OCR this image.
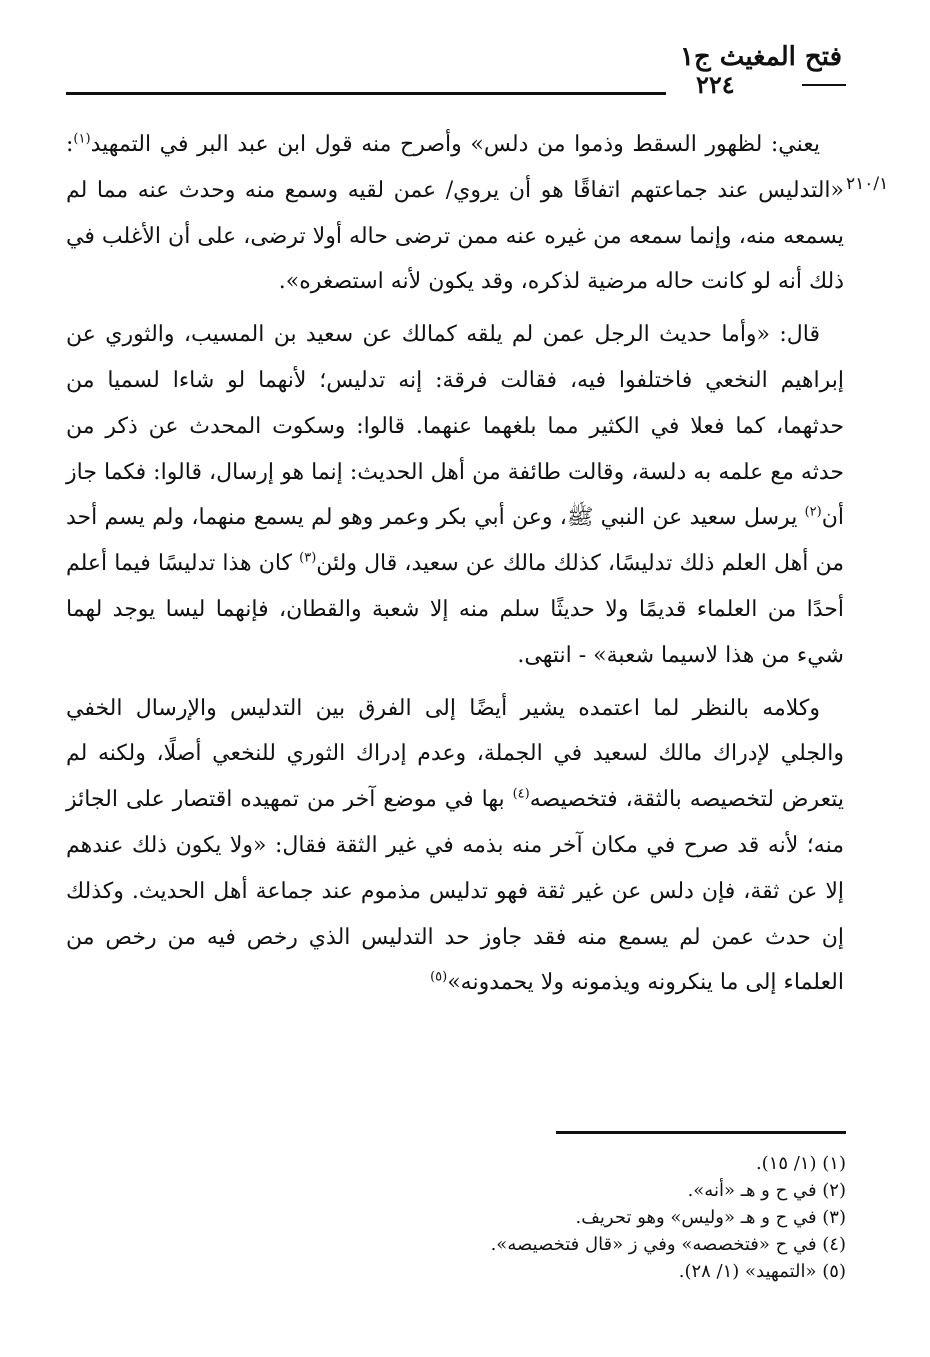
فتح المغيث ج١
٢٢٤
٢١٠/١

يعني: لظهور السقط وذموا من دلس» وأصرح منه قول ابن عبد البر في التمهيد$^{(١)}$: «التدليس عند جماعتهم اتفاقًا هو أن يروي/ عمن لقيه وسمع منه وحدث عنه مما لم يسمعه منه، وإنما سمعه من غيره عنه ممن ترضى حاله أولا ترضى، على أن الأغلب في ذلك أنه لو كانت حاله مرضية لذكره، وقد يكون لأنه استصغره».

قال: «وأما حديث الرجل عمن لم يلقه كمالك عن سعيد بن المسيب، والثوري عن إبراهيم النخعي فاختلفوا فيه، فقالت فرقة: إنه تدليس؛ لأنهما لو شاءا لسميا من حدثهما، كما فعلا في الكثير مما بلغهما عنهما. قالوا: وسكوت المحدث عن ذكر من حدثه مع علمه به دلسة، وقالت طائفة من أهل الحديث: إنما هو إرسال، قالوا: فكما جاز أن$^{(٢)}$ يرسل سعيد عن النبي ﷺ، وعن أبي بكر وعمر وهو لم يسمع منهما، ولم يسم أحد من أهل العلم ذلك تدليسًا، كذلك مالك عن سعيد، قال ولئن$^{(٣)}$ كان هذا تدليسًا فيما أعلم أحدًا من العلماء قديمًا ولا حديثًا سلم منه إلا شعبة والقطان، فإنهما ليسا يوجد لهما شيء من هذا لاسيما شعبة» - انتهى.

وكلامه بالنظر لما اعتمده يشير أيضًا إلى الفرق بين التدليس والإرسال الخفي والجلي لإدراك مالك لسعيد في الجملة، وعدم إدراك الثوري للنخعي أصلًا، ولكنه لم يتعرض لتخصيصه بالثقة، فتخصيصه$^{(٤)}$ بها في موضع آخر من تمهيده اقتصار على الجائز منه؛ لأنه قد صرح في مكان آخر منه بذمه في غير الثقة فقال: «ولا يكون ذلك عندهم إلا عن ثقة، فإن دلس عن غير ثقة فهو تدليس مذموم عند جماعة أهل الحديث. وكذلك إن حدث عمن لم يسمع منه فقد جاوز حد التدليس الذي رخص فيه من رخص من العلماء إلى ما ينكرونه ويذمونه ولا يحمدونه»$^{(٥)}$

(١) (١/ ١٥).
(٢) في ح و هـ «أنه».
(٣) في ح و هـ «وليس» وهو تحريف.
(٤) في ح «فتخصصه» وفي ز «قال فتخصيصه».
(٥) «التمهيد» (١/ ٢٨).
